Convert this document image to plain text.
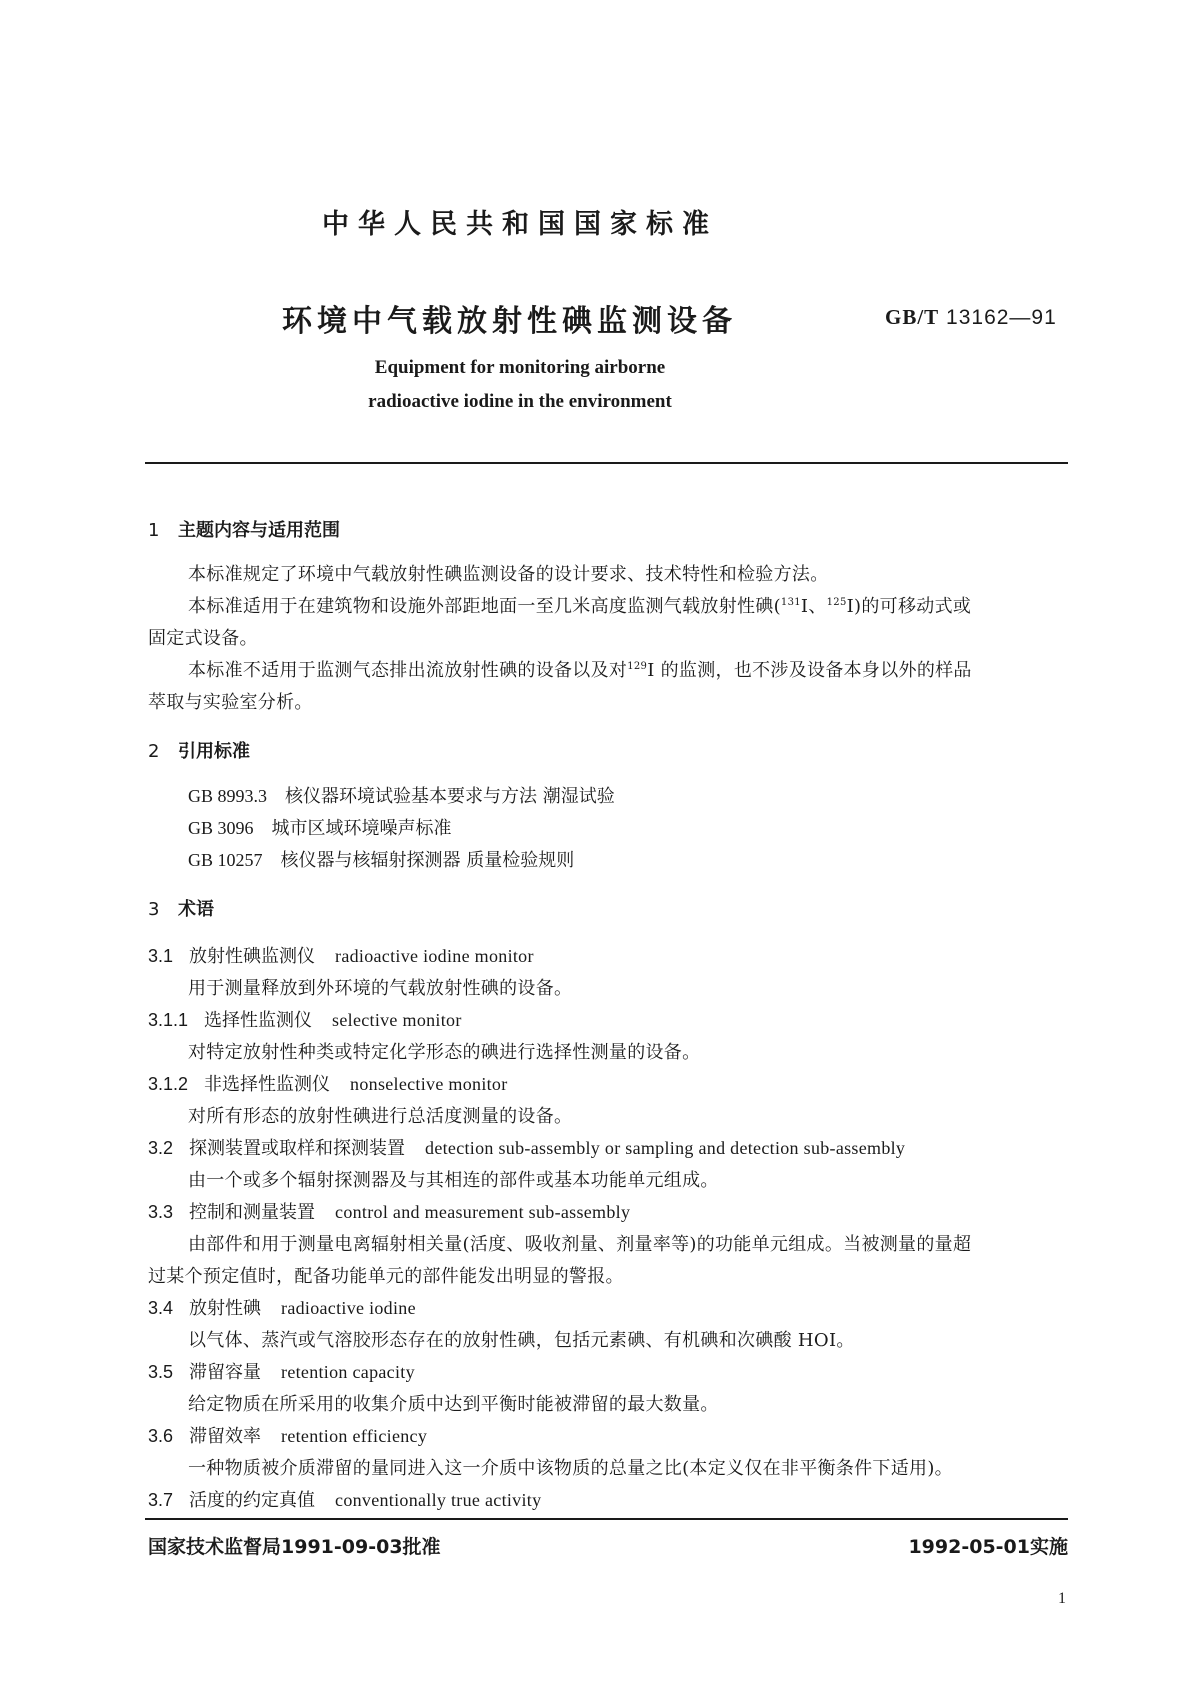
中华人民共和国国家标准
环境中气载放射性碘监测设备	GB/T 13162—91
Equipment for monitoring airborne
radioactive iodine in the environment
1 主题内容与适用范围
本标准规定了环境中气载放射性碘监测设备的设计要求、技术特性和检验方法。
本标准适用于在建筑物和设施外部距地面一至几米高度监测气载放射性碘($^{131}$I、$^{125}$I)的可移动式或
固定式设备。
本标准不适用于监测气态排出流放射性碘的设备以及对$^{129}$I 的监测，也不涉及设备本身以外的样品
萃取与实验室分析。
2 引用标准
GB 8993.3 核仪器环境试验基本要求与方法 潮湿试验
GB 3096 城市区域环境噪声标准
GB 10257 核仪器与核辐射探测器 质量检验规则
3 术语
3.1 放射性碘监测仪 radioactive iodine monitor
用于测量释放到外环境的气载放射性碘的设备。
3.1.1 选择性监测仪 selective monitor
对特定放射性种类或特定化学形态的碘进行选择性测量的设备。
3.1.2 非选择性监测仪 nonselective monitor
对所有形态的放射性碘进行总活度测量的设备。
3.2 探测装置或取样和探测装置 detection sub-assembly or sampling and detection sub-assembly
由一个或多个辐射探测器及与其相连的部件或基本功能单元组成。
3.3 控制和测量装置 control and measurement sub-assembly
由部件和用于测量电离辐射相关量(活度、吸收剂量、剂量率等)的功能单元组成。当被测量的量超
过某个预定值时，配备功能单元的部件能发出明显的警报。
3.4 放射性碘 radioactive iodine
以气体、蒸汽或气溶胶形态存在的放射性碘，包括元素碘、有机碘和次碘酸 HOI。
3.5 滞留容量 retention capacity
给定物质在所采用的收集介质中达到平衡时能被滞留的最大数量。
3.6 滞留效率 retention efficiency
一种物质被介质滞留的量同进入这一介质中该物质的总量之比(本定义仅在非平衡条件下适用)。
3.7 活度的约定真值 conventionally true activity
国家技术监督局1991-09-03批准	1992-05-01实施
1
